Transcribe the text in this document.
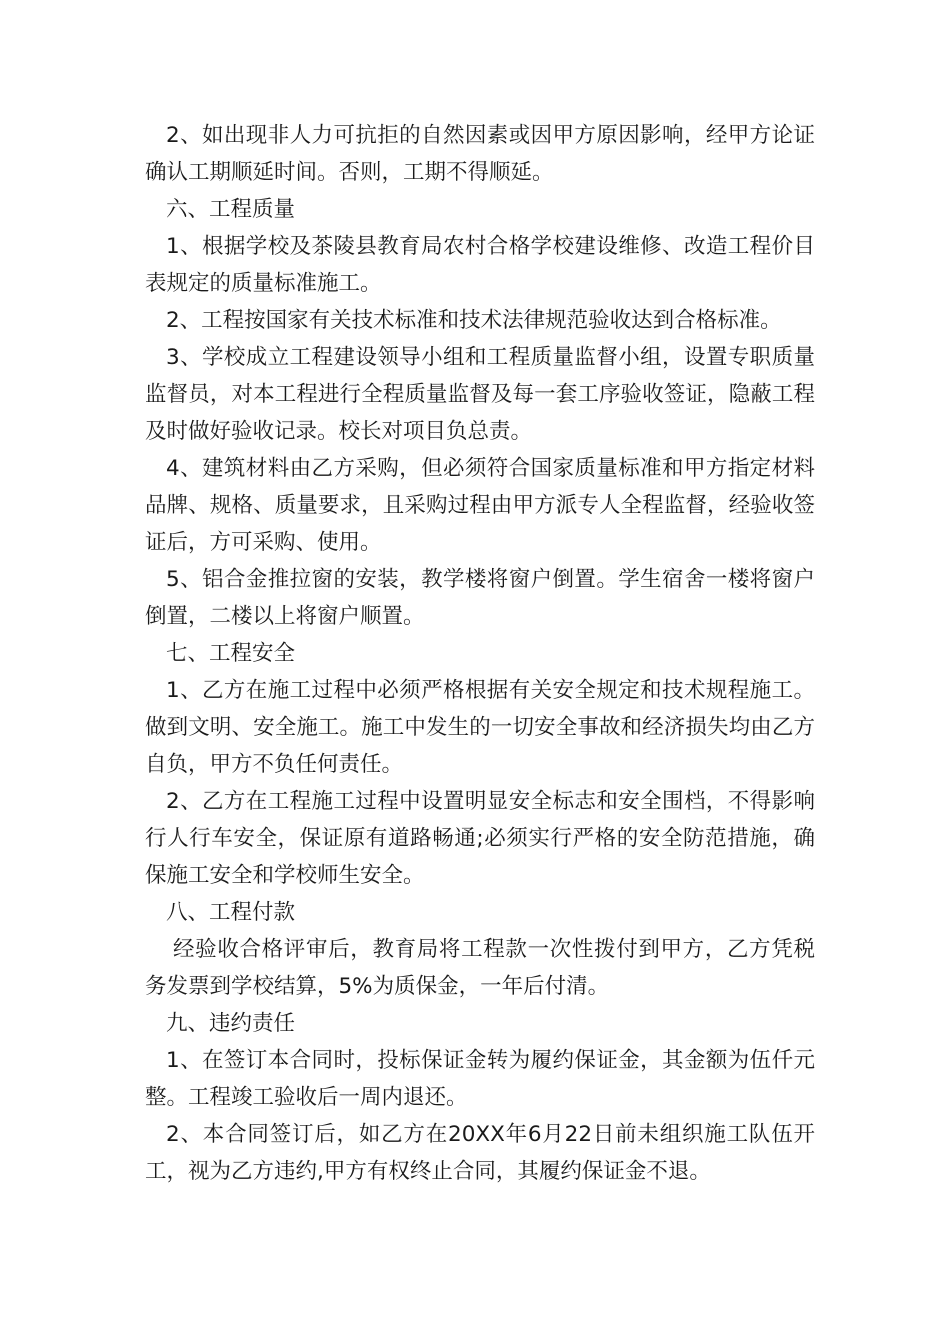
2、如出现非人力可抗拒的自然因素或因甲方原因影响，经甲方论证确认工期顺延时间。否则，工期不得顺延。

六、工程质量

1、根据学校及茶陵县教育局农村合格学校建设维修、改造工程价目表规定的质量标准施工。

2、工程按国家有关技术标准和技术法律规范验收达到合格标准。

3、学校成立工程建设领导小组和工程质量监督小组，设置专职质量监督员，对本工程进行全程质量监督及每一套工序验收签证，隐蔽工程及时做好验收记录。校长对项目负总责。

4、建筑材料由乙方采购，但必须符合国家质量标准和甲方指定材料品牌、规格、质量要求，且采购过程由甲方派专人全程监督，经验收签证后，方可采购、使用。

5、铝合金推拉窗的安装，教学楼将窗户倒置。学生宿舍一楼将窗户倒置，二楼以上将窗户顺置。

七、工程安全

1、乙方在施工过程中必须严格根据有关安全规定和技术规程施工。做到文明、安全施工。施工中发生的一切安全事故和经济损失均由乙方自负，甲方不负任何责任。

2、乙方在工程施工过程中设置明显安全标志和安全围档，不得影响行人行车安全，保证原有道路畅通;必须实行严格的安全防范措施，确保施工安全和学校师生安全。

八、工程付款

经验收合格评审后，教育局将工程款一次性拨付到甲方，乙方凭税务发票到学校结算，5%为质保金，一年后付清。

九、违约责任

1、在签订本合同时，投标保证金转为履约保证金，其金额为伍仟元整。工程竣工验收后一周内退还。

2、本合同签订后，如乙方在20XX年6月22日前未组织施工队伍开工，视为乙方违约,甲方有权终止合同，其履约保证金不退。
